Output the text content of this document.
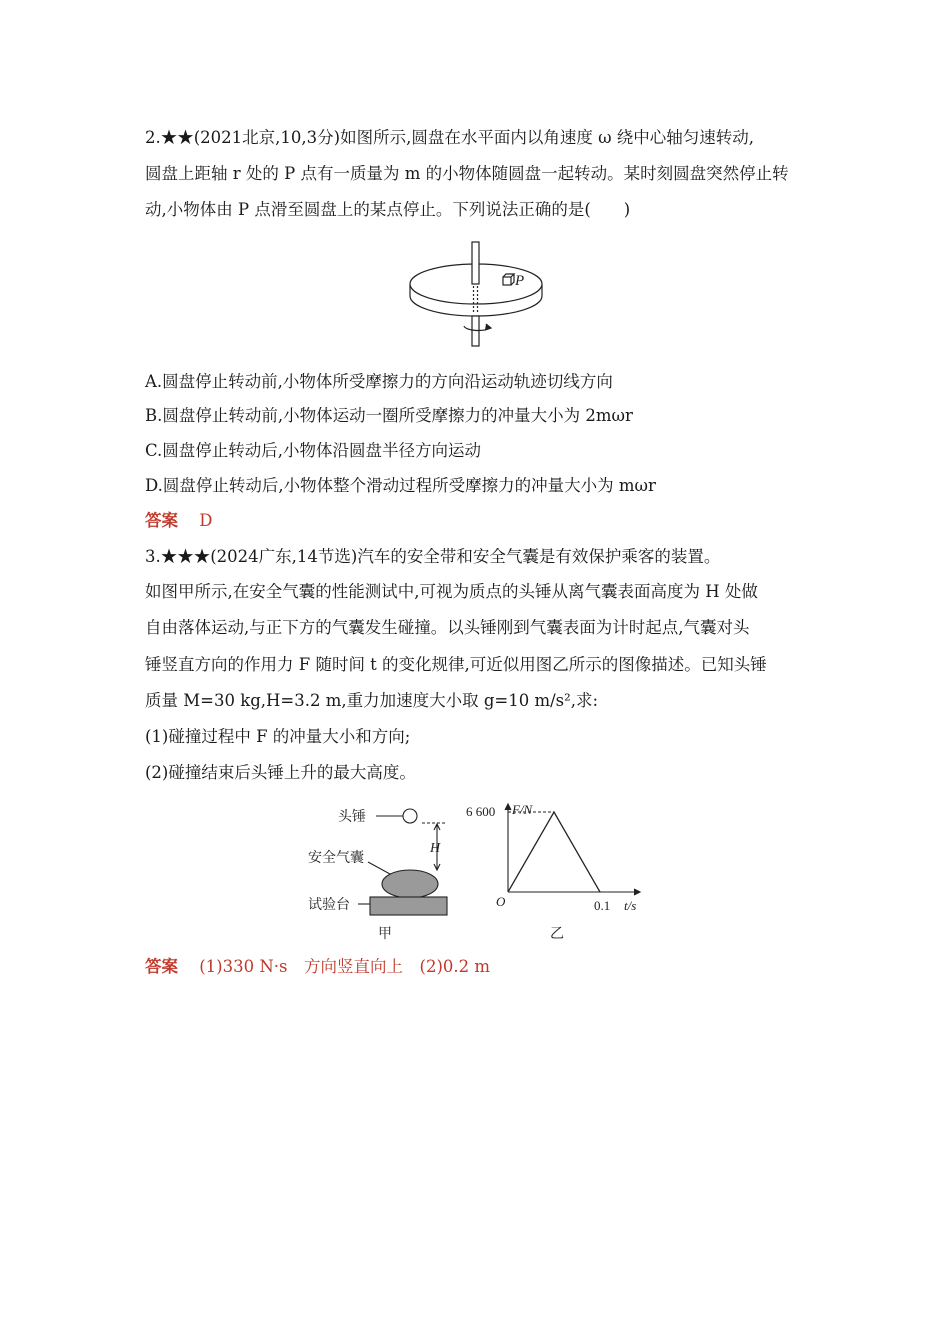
2.★★(2021北京,10,3分)如图所示,圆盘在水平面内以角速度 ω 绕中心轴匀速转动,
圆盘上距轴 r 处的 P 点有一质量为 m 的小物体随圆盘一起转动。某时刻圆盘突然停止转
动,小物体由 P 点滑至圆盘上的某点停止。下列说法正确的是(　　)
P
A.圆盘停止转动前,小物体所受摩擦力的方向沿运动轨迹切线方向
B.圆盘停止转动前,小物体运动一圈所受摩擦力的冲量大小为 2mωr
C.圆盘停止转动后,小物体沿圆盘半径方向运动
D.圆盘停止转动后,小物体整个滑动过程所受摩擦力的冲量大小为 mωr
答案 D
3.★★★(2024广东,14节选)汽车的安全带和安全气囊是有效保护乘客的装置。
如图甲所示,在安全气囊的性能测试中,可视为质点的头锤从离气囊表面高度为 H 处做
自由落体运动,与正下方的气囊发生碰撞。以头锤刚到气囊表面为计时起点,气囊对头
锤竖直方向的作用力 F 随时间 t 的变化规律,可近似用图乙所示的图像描述。已知头锤
质量 M=30 kg,H=3.2 m,重力加速度大小取 g=10 m/s²,求:
(1)碰撞过程中 F 的冲量大小和方向;
(2)碰撞结束后头锤上升的最大高度。
头锤
安全气囊
试验台
H
甲
F/N
t/s
O
6 600
0.1
乙
答案 (1)330 N·s　方向竖直向上　(2)0.2 m
